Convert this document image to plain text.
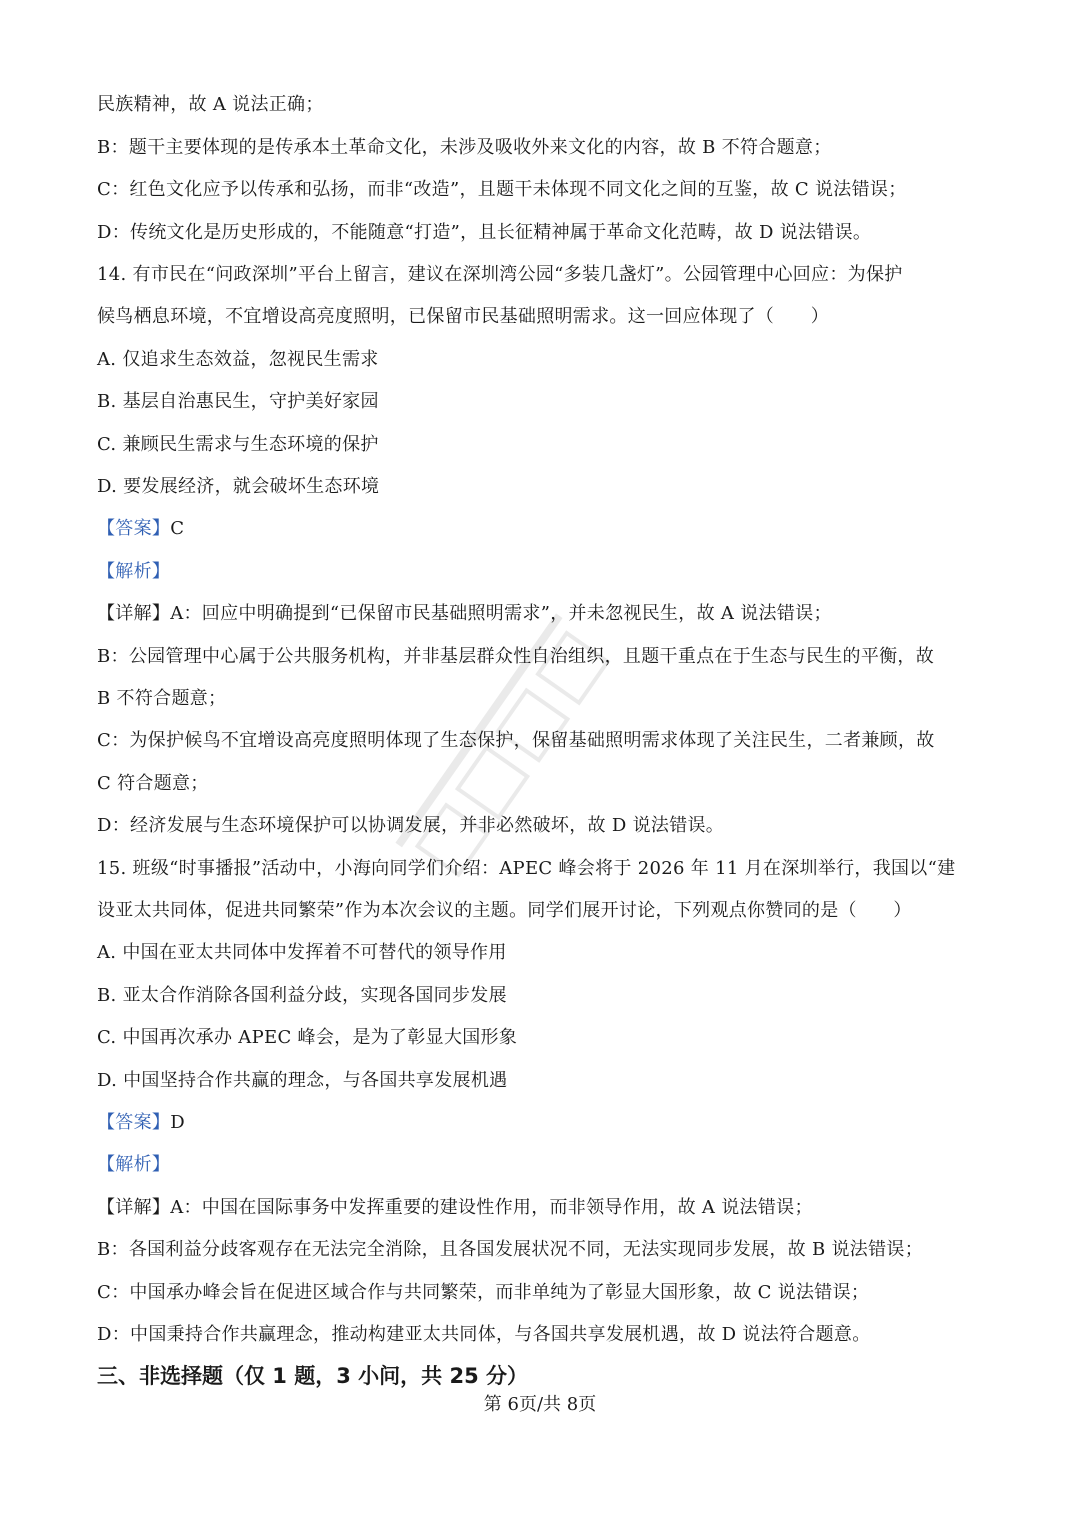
民族精神，故 A 说法正确；
B：题干主要体现的是传承本土革命文化，未涉及吸收外来文化的内容，故 B 不符合题意；
C：红色文化应予以传承和弘扬，而非“改造”，且题干未体现不同文化之间的互鉴，故 C 说法错误；
D：传统文化是历史形成的，不能随意“打造”，且长征精神属于革命文化范畴，故 D 说法错误。
14. 有市民在“问政深圳”平台上留言，建议在深圳湾公园“多装几盏灯”。公园管理中心回应：为保护
候鸟栖息环境，不宜增设高亮度照明，已保留市民基础照明需求。这一回应体现了（　　）
A. 仅追求生态效益，忽视民生需求
B. 基层自治惠民生，守护美好家园
C. 兼顾民生需求与生态环境的保护
D. 要发展经济，就会破坏生态环境
【答案】C
【解析】
【详解】A：回应中明确提到“已保留市民基础照明需求”，并未忽视民生，故 A 说法错误；
B：公园管理中心属于公共服务机构，并非基层群众性自治组织，且题干重点在于生态与民生的平衡，故
B 不符合题意；
C：为保护候鸟不宜增设高亮度照明体现了生态保护，保留基础照明需求体现了关注民生，二者兼顾，故
C 符合题意；
D：经济发展与生态环境保护可以协调发展，并非必然破坏，故 D 说法错误。
15. 班级“时事播报”活动中，小海向同学们介绍：APEC 峰会将于 2026 年 11 月在深圳举行，我国以“建
设亚太共同体，促进共同繁荣”作为本次会议的主题。同学们展开讨论，下列观点你赞同的是（　　）
A. 中国在亚太共同体中发挥着不可替代的领导作用
B. 亚太合作消除各国利益分歧，实现各国同步发展
C. 中国再次承办 APEC 峰会，是为了彰显大国形象
D. 中国坚持合作共赢的理念，与各国共享发展机遇
【答案】D
【解析】
【详解】A：中国在国际事务中发挥重要的建设性作用，而非领导作用，故 A 说法错误；
B：各国利益分歧客观存在无法完全消除，且各国发展状况不同，无法实现同步发展，故 B 说法错误；
C：中国承办峰会旨在促进区域合作与共同繁荣，而非单纯为了彰显大国形象，故 C 说法错误；
D：中国秉持合作共赢理念，推动构建亚太共同体，与各国共享发展机遇，故 D 说法符合题意。
三、非选择题（仅 1 题，3 小问，共 25 分）
第 6页/共 8页
